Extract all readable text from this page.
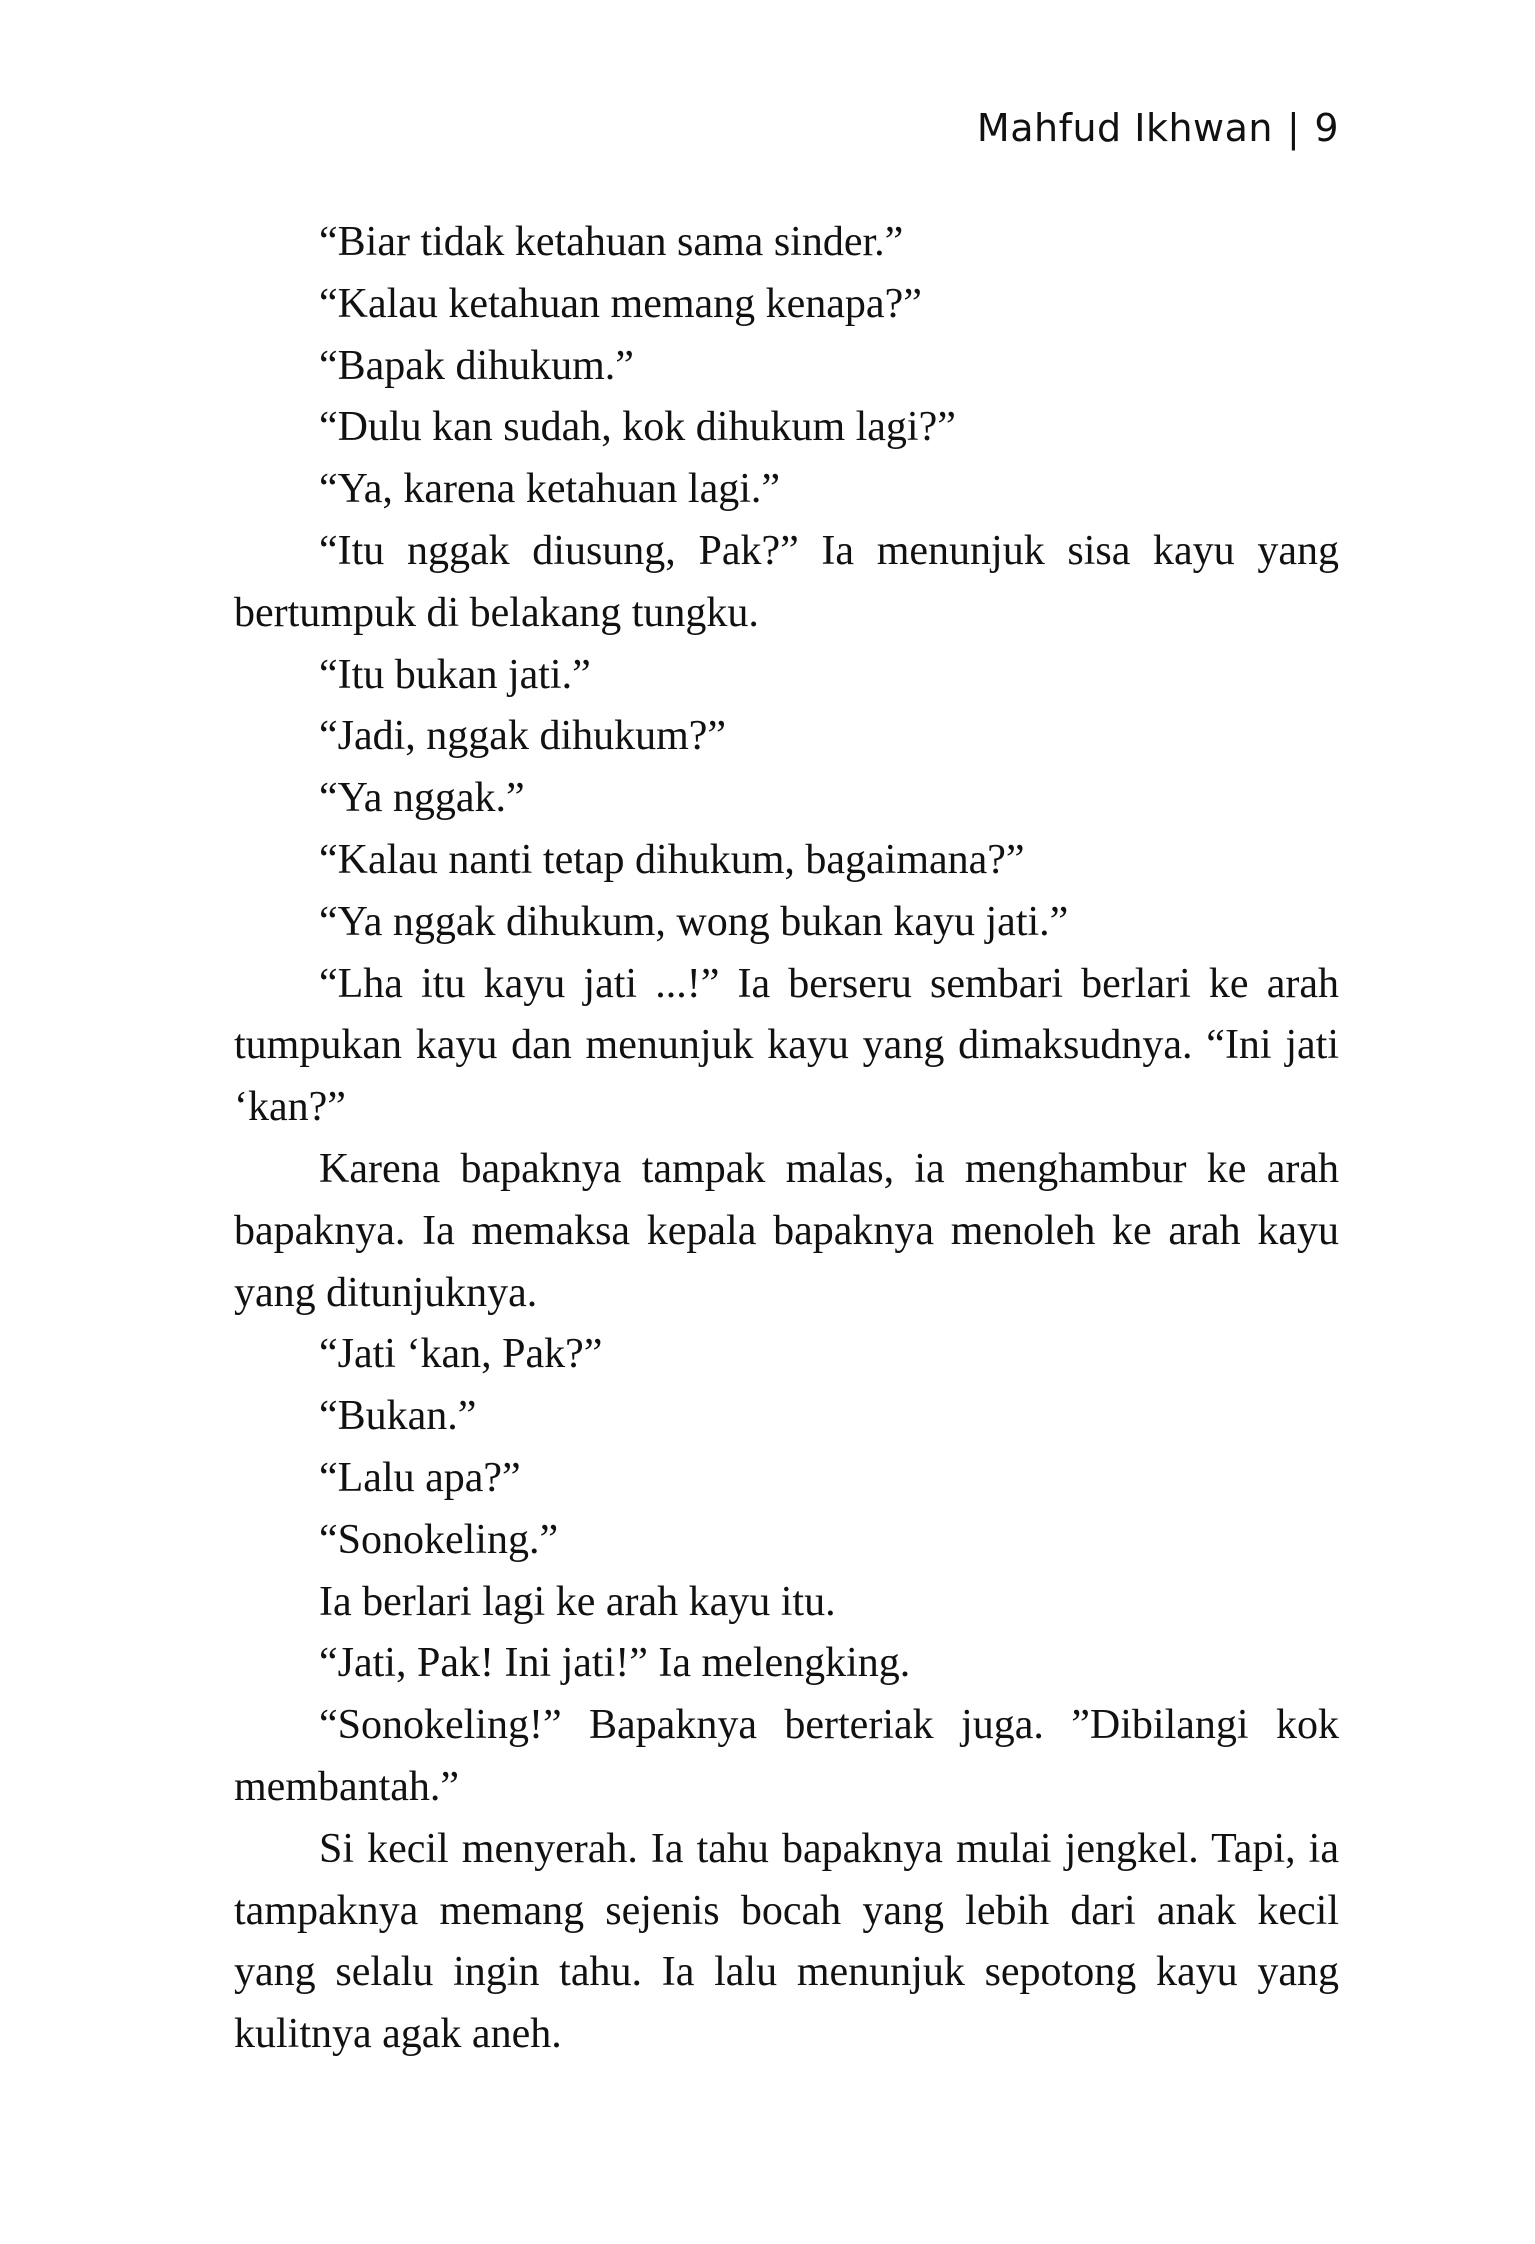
Mahfud Ikhwan | 9

“Biar tidak ketahuan sama sinder.”

“Kalau ketahuan memang kenapa?”

“Bapak dihukum.”

“Dulu kan sudah, kok dihukum lagi?”

“Ya, karena ketahuan lagi.”

“Itu nggak diusung, Pak?” Ia menunjuk sisa kayu yang bertumpuk di belakang tungku.

“Itu bukan jati.”

“Jadi, nggak dihukum?”

“Ya nggak.”

“Kalau nanti tetap dihukum, bagaimana?”

“Ya nggak dihukum, wong bukan kayu jati.”

“Lha itu kayu jati ...!” Ia berseru sembari berlari ke arah tumpukan kayu dan menunjuk kayu yang dimaksudnya. “Ini jati ‘kan?”

Karena bapaknya tampak malas, ia menghambur ke arah bapaknya. Ia memaksa kepala bapaknya menoleh ke arah kayu yang ditunjuknya.

“Jati ‘kan, Pak?”

“Bukan.”

“Lalu apa?”

“Sonokeling.”

Ia berlari lagi ke arah kayu itu.

“Jati, Pak! Ini jati!” Ia melengking.

“Sonokeling!” Bapaknya berteriak juga. ”Dibilangi kok membantah.”

Si kecil menyerah. Ia tahu bapaknya mulai jengkel. Tapi, ia tampaknya memang sejenis bocah yang lebih dari anak kecil yang selalu ingin tahu. Ia lalu menunjuk sepotong kayu yang kulitnya agak aneh.
